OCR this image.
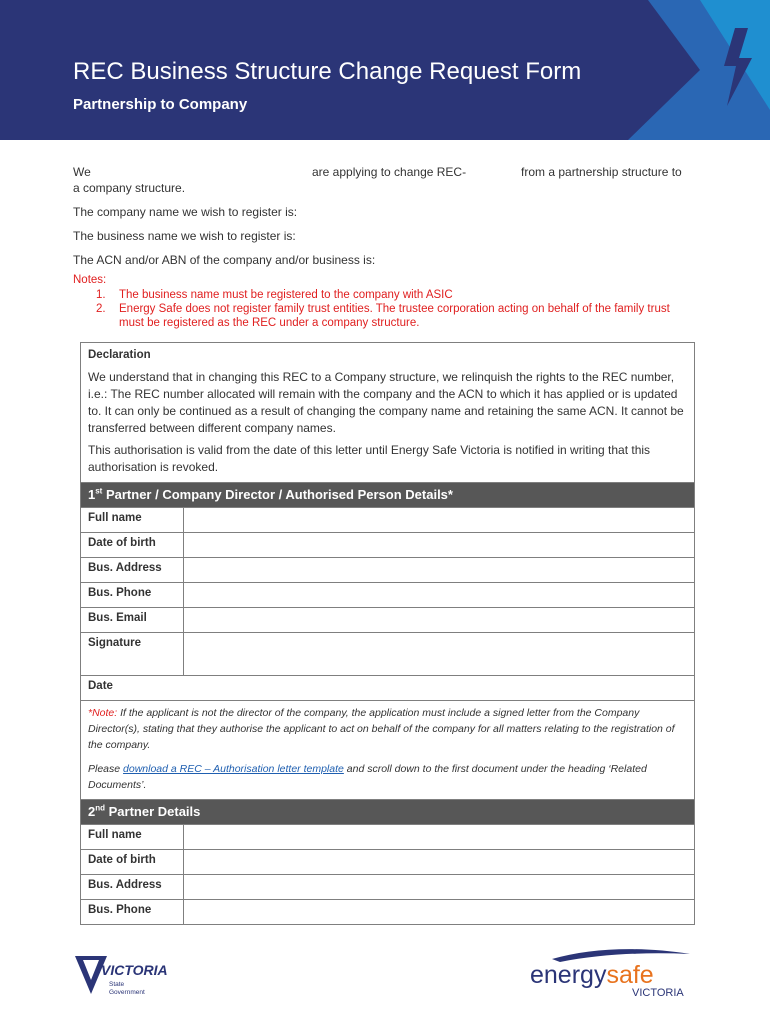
REC Business Structure Change Request Form
Partnership to Company
We	are applying to change REC-	from a partnership structure to
a company structure.
The company name we wish to register is:
The business name we wish to register is:
The ACN and/or ABN of the company and/or business is:
Notes:
1. The business name must be registered to the company with ASIC
2. Energy Safe does not register family trust entities. The trustee corporation acting on behalf of the family trust must be registered as the REC under a company structure.
Declaration

We understand that in changing this REC to a Company structure, we relinquish the rights to the REC number, i.e.: The REC number allocated will remain with the company and the ACN to which it has applied or is updated to. It can only be continued as a result of changing the company name and retaining the same ACN. It cannot be transferred between different company names.

This authorisation is valid from the date of this letter until Energy Safe Victoria is notified in writing that this authorisation is revoked.

1st Partner / Company Director / Authorised Person Details*
Full name
Date of birth
Bus. Address
Bus. Phone
Bus. Email
Signature
Date

*Note: If the applicant is not the director of the company, the application must include a signed letter from the Company Director(s), stating that they authorise the applicant to act on behalf of the company for all matters relating to the registration of the company.

Please download a REC – Authorisation letter template and scroll down to the first document under the heading ‘Related Documents’.

2nd Partner Details
Full name
Date of birth
Bus. Address
Bus. Phone
VICTORIA
State
Government
energysafe
VICTORIA
